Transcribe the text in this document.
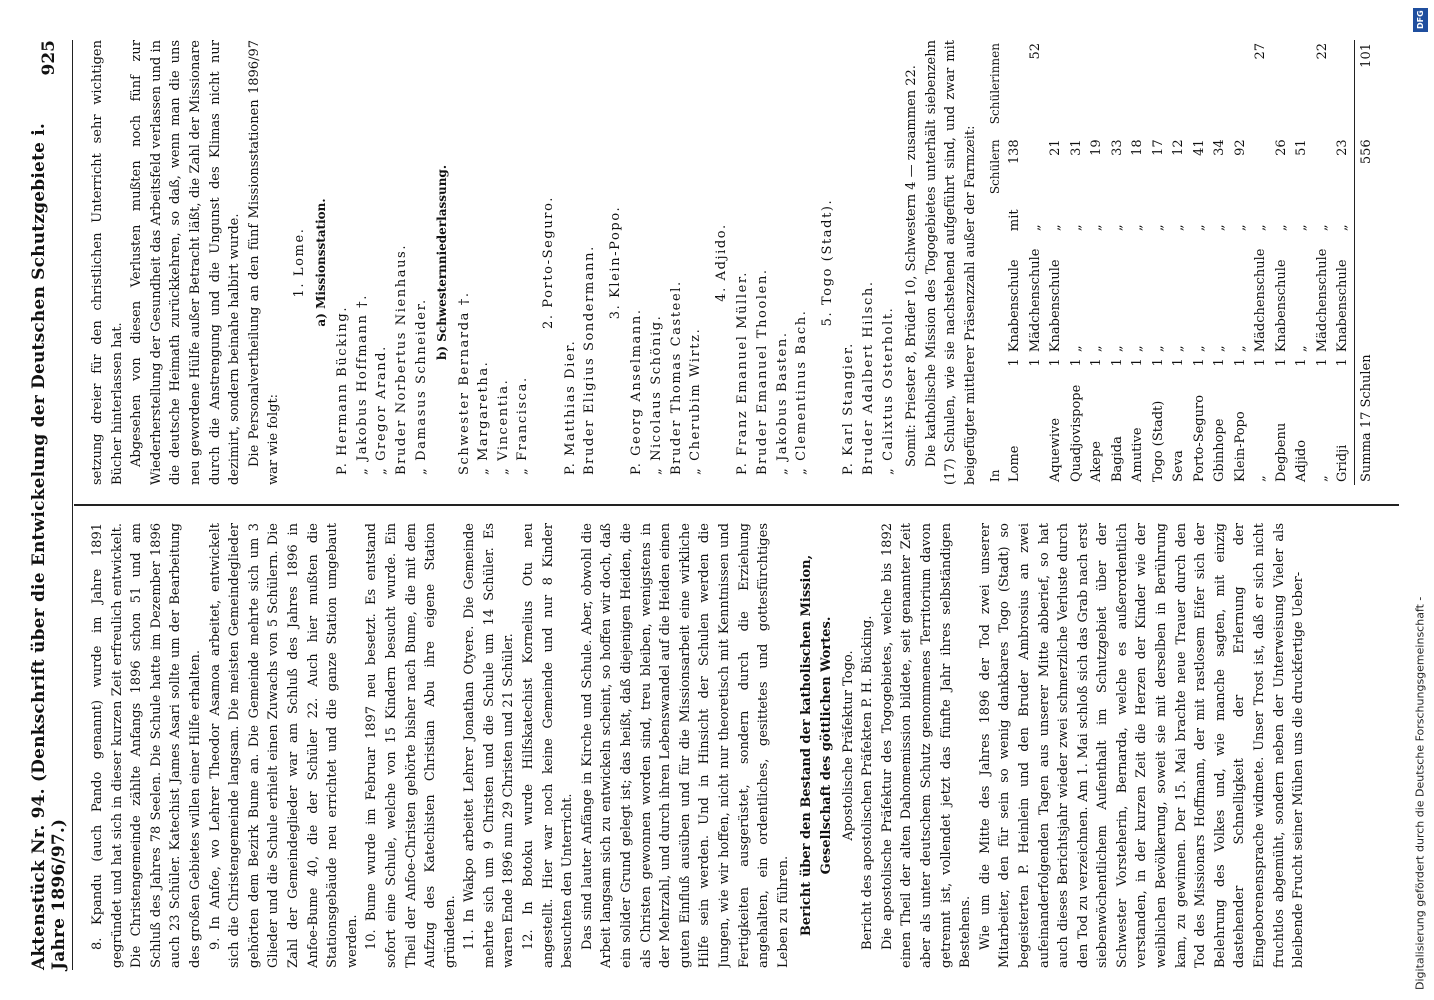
Aktenstück Nr. 94. (Denkschrift über die Entwickelung der Deutschen Schutzgebiete i. Jahre 1896/97.)
925

8. Kpandu (auch Pando genannt) wurde im Jahre 1891 gegründet und hat sich in dieser kurzen Zeit erfreulich entwickelt. Die Christengemeinde zählte Anfangs 1896 schon 51 und am Schluß des Jahres 78 Seelen. Die Schule hatte im Dezember 1896 auch 23 Schüler. Katechist James Asari sollte um der Bearbeitung des großen Gebietes willen einer Hilfe erhalten. 9. In Anfoe, wo Lehrer Theodor Asamoa arbeitet, entwickelt sich die Christengemeinde langsam. Die meisten Gemeindeglieder gehörten dem Bezirk Bume an. Die Gemeinde mehrte sich um 3 Glieder und die Schule erhielt einen Zuwachs von 5 Schülern. Die Zahl der Gemeindeglieder war am Schluß des Jahres 1896 in Anfoe-Bume 40, die der Schüler 22. Auch hier mußten die Stationsgebäude neu errichtet und die ganze Station umgebaut werden. 10. Bume wurde im Februar 1897 neu besetzt. Es entstand sofort eine Schule, welche von 15 Kindern besucht wurde. Ein Theil der Anfoe-Christen gehörte bisher nach Bume, die mit dem Aufzug des Katechisten Christian Abu ihre eigene Station gründeten. 11. In Wakpo arbeitet Lehrer Jonathan Otyere. Die Gemeinde mehrte sich um 9 Christen und die Schule um 14 Schüler. Es waren Ende 1896 nun 29 Christen und 21 Schüler. 12. In Botoku wurde Hilfskatechist Kornelius Otu neu angestellt. Hier war noch keine Gemeinde und nur 8 Kinder besuchten den Unterricht. Das sind lauter Anfänge in Kirche und Schule. Aber, obwohl die Arbeit langsam sich zu entwickeln scheint, so hoffen wir doch, daß ein solider Grund gelegt ist; das heißt, daß diejenigen Heiden, die als Christen gewonnen worden sind, treu bleiben, wenigstens in der Mehrzahl, und durch ihren Lebenswandel auf die Heiden einen guten Einfluß ausüben und für die Missionsarbeit eine wirkliche Hilfe sein werden. Und in Hinsicht der Schulen werden die Jungen, wie wir hoffen, nicht nur theoretisch mit Kenntnissen und Fertigkeiten ausgerüstet, sondern durch die Erziehung angehalten, ein ordentliches, gesittetes und gottesfürchtiges Leben zu führen. Bericht über den Bestand der katholischen Mission, Gesellschaft des göttlichen Wortes. Apostolische Präfektur Togo. Bericht des apostolischen Präfekten P. H. Bücking. Die apostolische Präfektur des Togogebietes, welche bis 1892 einen Theil der alten Dahomemission bildete, seit genannter Zeit aber als unter deutschem Schutz genommenes Territorium davon getrennt ist, vollendet jetzt das fünfte Jahr ihres selbständigen Bestehens. Wie um die Mitte des Jahres 1896 der Tod zwei unserer Mitarbeiter, den für sein so wenig dankbares Togo (Stadt) so begeisterten P. Heinlein und den Bruder Ambrosius an zwei aufeinanderfolgenden Tagen aus unserer Mitte abberief, so hat auch dieses Berichtsjahr wieder zwei schmerzliche Verluste durch den Tod zu verzeichnen. Am 1. Mai schloß sich das Grab nach erst siebenwöchentlichem Aufenthalt im Schutzgebiet über der Schwester Vorsteherin, Bernarda, welche es außerordentlich verstanden, in der kurzen Zeit die Herzen der Kinder wie der weiblichen Bevölkerung, soweit sie mit derselben in Berührung kam, zu gewinnen. Der 15. Mai brachte neue Trauer durch den Tod des Missionars Hoffmann, der mit rastlosem Eifer sich der Belehrung des Volkes und, wie manche sagten, mit einzig dastehender Schnelligkeit der Erlernung der Eingeborenensprache widmete. Unser Trost ist, daß er sich nicht fruchtlos abgemüht, sondern neben der Unterweisung Vieler als bleibende Frucht seiner Mühen uns die druckfertige Ueber-

setzung dreier für den christlichen Unterricht sehr wichtigen Bücher hinterlassen hat. Abgesehen von diesen Verlusten mußten noch fünf zur Wiederherstellung der Gesundheit das Arbeitsfeld verlassen und in die deutsche Heimath zurückkehren, so daß, wenn man die uns neu gewordene Hülfe außer Betracht läßt, die Zahl der Missionare durch die Anstrengung und die Ungunst des Klimas nicht nur dezimirt, sondern beinahe halbirt wurde. Die Personalvertheilung an den fünf Missionsstationen 1896/97 war wie folgt:

1. Lome. a) Missionsstation.
P. Hermann Bücking. „ Jakobus Hoffmann †. „ Gregor Arand. Bruder Norbertus Nienhaus. „ Damasus Schneider.
b) Schwesternniederlassung.
Schwester Bernarda †. „ Margaretha. „ Vincentia. „ Francisca.
2. Porto-Seguro.
P. Matthias Dier. Bruder Eligius Sondermann. 3. Klein-Popo.
P. Georg Anselmann. „ Nicolaus Schönig. Bruder Thomas Casteel. „ Cherubim Wirtz.
4. Adjido.
P. Franz Emanuel Müller. Bruder Emanuel Thoolen. „ Jakobus Basten. „ Clementinus Bach.
5. Togo (Stadt).
P. Karl Stangier. Bruder Adalbert Hilsch. „ Calixtus Osterholt. Somit: Priester 8, Brüder 10, Schwestern 4 — zusammen 22. Die katholische Mission des Togogebietes unterhält siebenzehn (17) Schulen, wie sie nachstehend aufgeführt sind, und zwar mit beigefügter mittlerer Präsenzzahl außer der Farmzeit: In				Schülern	Schülerinnen
Lome	1	Knabenschule	mit	138	
	1	Mädchenschule	„		52
Aquewive	1	Knabenschule	„	21	
Quadjovispope	1	„	„	31	
Akepe	1	„	„	19	
Bagida	1	„	„	33	
Amutive	1	„	„	18	
Togo (Stadt)	1	„	„	17	
Seva	1	„	„	12	
Porto-Seguro	1	„	„	41	
Gbinhope	1	„	„	34	
Klein-Popo	1	„	„	92	
„	1	Mädchenschule	„		27
Degbenu	1	Knabenschule	„	26	
Adjido	1	„	„	51	
„	1	Mädchenschule	„		22
Gridji	1	Knabenschule	„	23	
Summa 17 Schulen				556	101
Digitalisierung gefördert durch die Deutsche Forschungsgemeinschaft -
DFG
